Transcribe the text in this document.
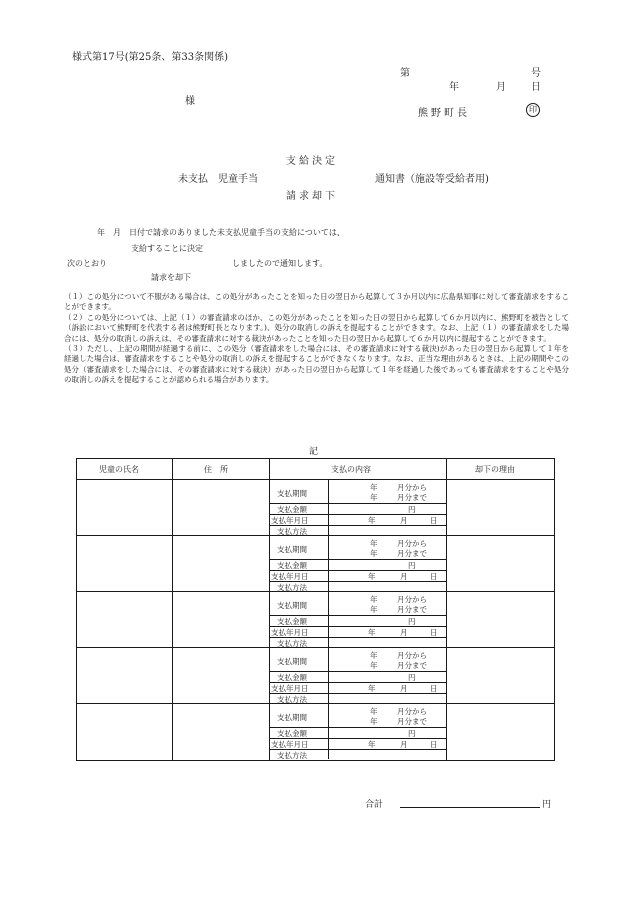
様式第17号(第25条、第33条関係)
第	号
年	月	日
様
熊野町長	印
支給決定
未支払　児童手当	通知書（施設等受給者用)
請求却下
年　月　日付で請求のありました未支払児童手当の支給については、
支給することに決定
次のとおり	しましたので通知します。
請求を却下

（１）この処分について不服がある場合は、この処分があったことを知った日の翌日から起算して３か月以内に広島県知事に対して審査請求をすることができます。

（２）この処分については、上記（１）の審査請求のほか、この処分があったことを知った日の翌日から起算して６か月以内に、熊野町を被告として（訴訟において熊野町を代表する者は熊野町長となります。)、処分の取消しの訴えを提起することができます。なお、上記（１）の審査請求をした場合には、処分の取消しの訴えは、その審査請求に対する裁決があったことを知った日の翌日から起算して６か月以内に提起することができます。

（３）ただし、上記の期間が経過する前に、この処分（審査請求をした場合には、その審査請求に対する裁決)があった日の翌日から起算して１年を経過した場合は、審査請求をすることや処分の取消しの訴えを提起することができなくなります。なお、正当な理由があるときは、上記の期間やこの処分（審査請求をした場合には、その審査請求に対する裁決）があった日の翌日から起算して１年を経過した後であっても審査請求をすることや処分の取消しの訴えを提起することが認められる場合があります。

記
児童の氏名	住　所	支払の内容	却下の理由
支払期間
年	月分から
年	月分まで
支払金額	円
支払年月日	年	月	日
支払方法
支払期間
年	月分から
年	月分まで
支払金額	円
支払年月日	年	月	日
支払方法
支払期間
年	月分から
年	月分まで
支払金額	円
支払年月日	年	月	日
支払方法
支払期間
年	月分から
年	月分まで
支払金額	円
支払年月日	年	月	日
支払方法
支払期間
年	月分から
年	月分まで
支払金額	円
支払年月日	年	月	日
支払方法
合計	円
